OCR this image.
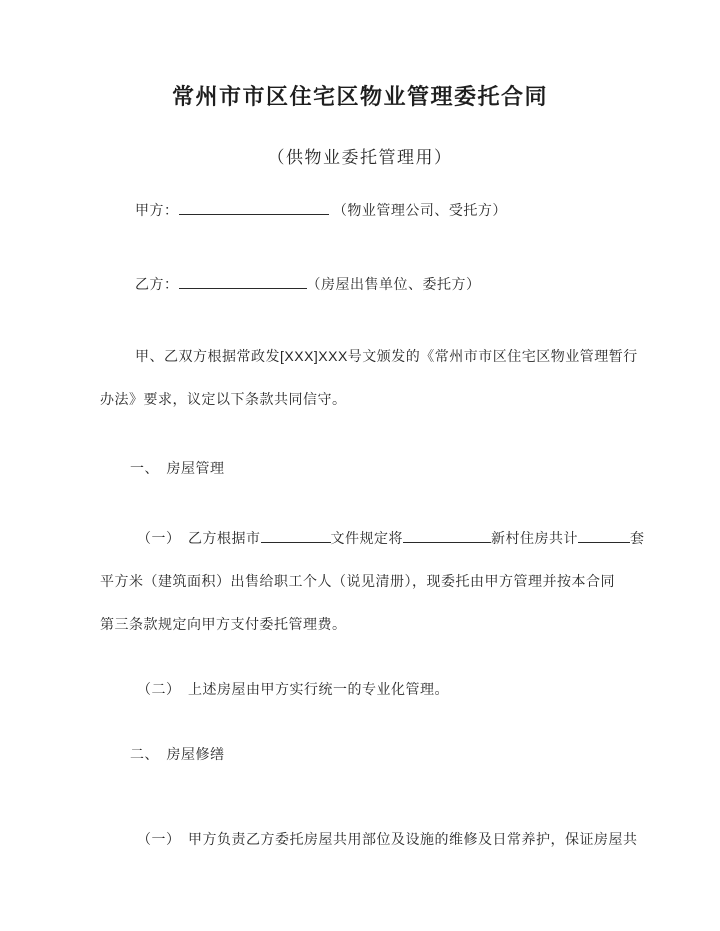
常州市市区住宅区物业管理委托合同
（供物业委托管理用）
甲方：	（物业管理公司、受托方）
乙方：	（房屋出售单位、委托方）
甲、乙双方根据常政发[XXX]XXX号文颁发的《常州市市区住宅区物业管理暂行
办法》要求，议定以下条款共同信守。
一、　房屋管理
（一）　乙方根据市	文件规定将	新村住房共计	套
平方米（建筑面积）出售给职工个人（说见清册），现委托由甲方管理并按本合同
第三条款规定向甲方支付委托管理费。
（二）　上述房屋由甲方实行统一的专业化管理。
二、　房屋修缮
（一）　甲方负责乙方委托房屋共用部位及设施的维修及日常养护，保证房屋共
